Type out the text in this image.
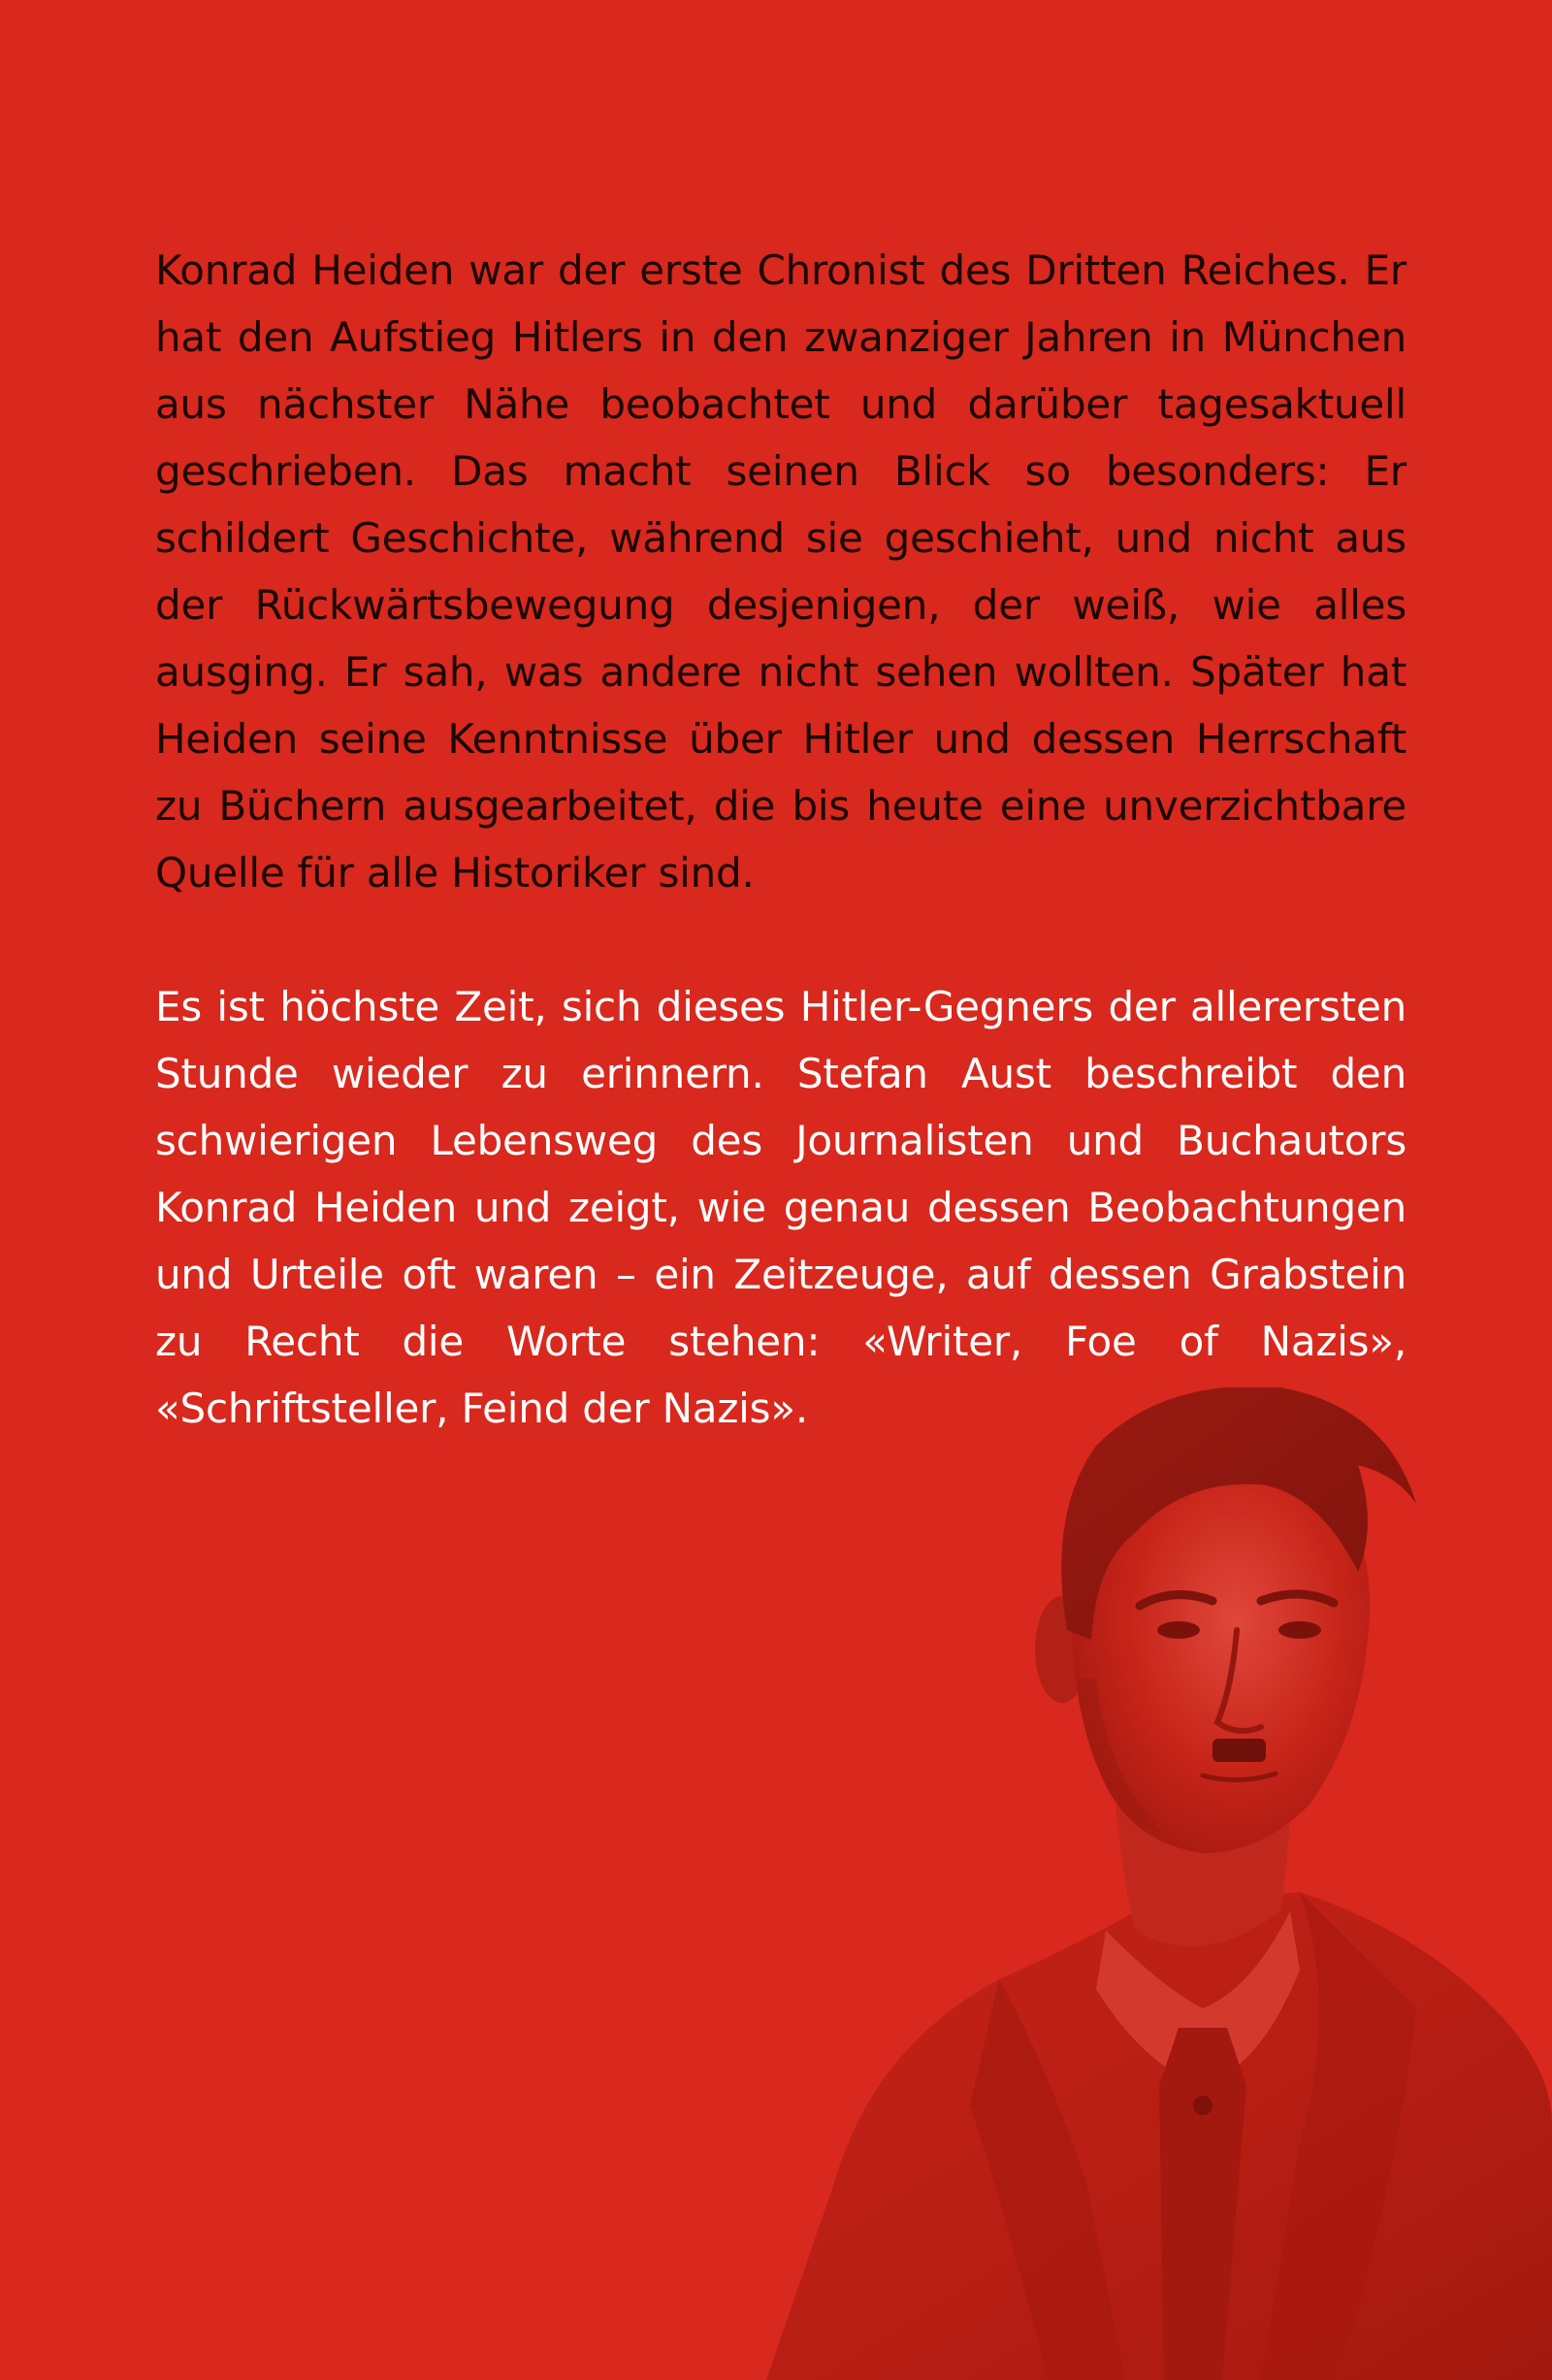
Konrad Heiden war der erste Chronist des Dritten Reiches. Er hat den Aufstieg Hitlers in den zwanziger Jahren in München aus nächster Nähe beobachtet und darüber tagesaktuell geschrieben. Das macht seinen Blick so besonders: Er schildert Geschichte, während sie geschieht, und nicht aus der Rückwärtsbewegung desjenigen, der weiß, wie alles ausging. Er sah, was andere nicht sehen wollten. Später hat Heiden seine Kenntnisse über Hitler und dessen Herrschaft zu Büchern ausgearbeitet, die bis heute eine unverzichtbare Quelle für alle Historiker sind.

Es ist höchste Zeit, sich dieses Hitler-Gegners der allerersten Stunde wieder zu erinnern. Stefan Aust beschreibt den schwierigen Lebensweg des Journalisten und Buchautors Konrad Heiden und zeigt, wie genau dessen Beobachtungen und Urteile oft waren – ein Zeitzeuge, auf dessen Grabstein zu Recht die Worte stehen: «Writer, Foe of Nazis», «Schriftsteller, Feind der Nazis».
